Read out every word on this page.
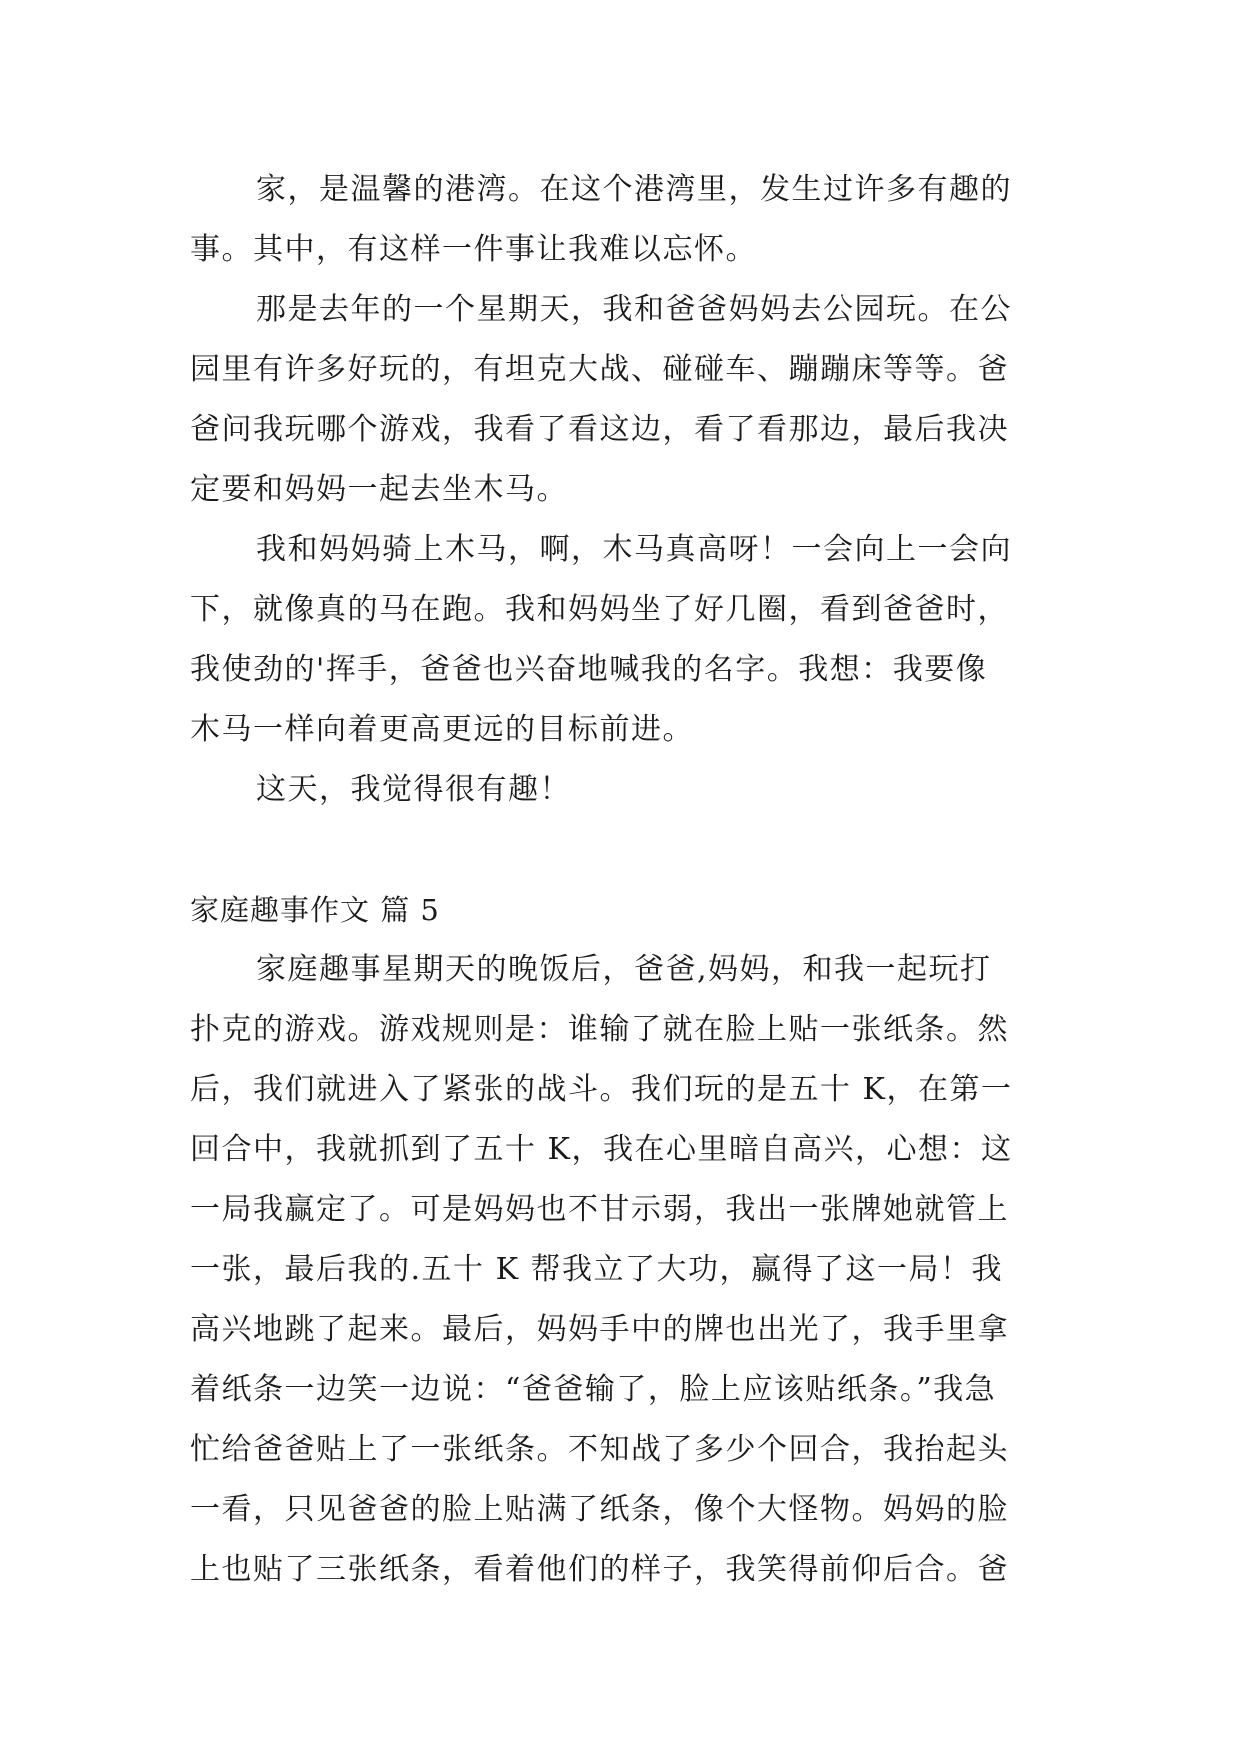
家，是温馨的港湾。在这个港湾里，发生过许多有趣的
事。其中，有这样一件事让我难以忘怀。
那是去年的一个星期天，我和爸爸妈妈去公园玩。在公
园里有许多好玩的，有坦克大战、碰碰车、蹦蹦床等等。爸
爸问我玩哪个游戏，我看了看这边，看了看那边，最后我决
定要和妈妈一起去坐木马。
我和妈妈骑上木马，啊，木马真高呀！一会向上一会向
下，就像真的马在跑。我和妈妈坐了好几圈，看到爸爸时，
我使劲的'挥手，爸爸也兴奋地喊我的名字。我想：我要像
木马一样向着更高更远的目标前进。
这天，我觉得很有趣！
家庭趣事作文 篇 5
家庭趣事星期天的晚饭后，爸爸,妈妈，和我一起玩打
扑克的游戏。游戏规则是：谁输了就在脸上贴一张纸条。然
后，我们就进入了紧张的战斗。我们玩的是五十 K，在第一
回合中，我就抓到了五十 K，我在心里暗自高兴，心想：这
一局我赢定了。可是妈妈也不甘示弱，我出一张牌她就管上
一张，最后我的.五十 K 帮我立了大功，赢得了这一局！我
高兴地跳了起来。最后，妈妈手中的牌也出光了，我手里拿
着纸条一边笑一边说：“爸爸输了，脸上应该贴纸条。”我急
忙给爸爸贴上了一张纸条。不知战了多少个回合，我抬起头
一看，只见爸爸的脸上贴满了纸条，像个大怪物。妈妈的脸
上也贴了三张纸条，看着他们的样子，我笑得前仰后合。爸
